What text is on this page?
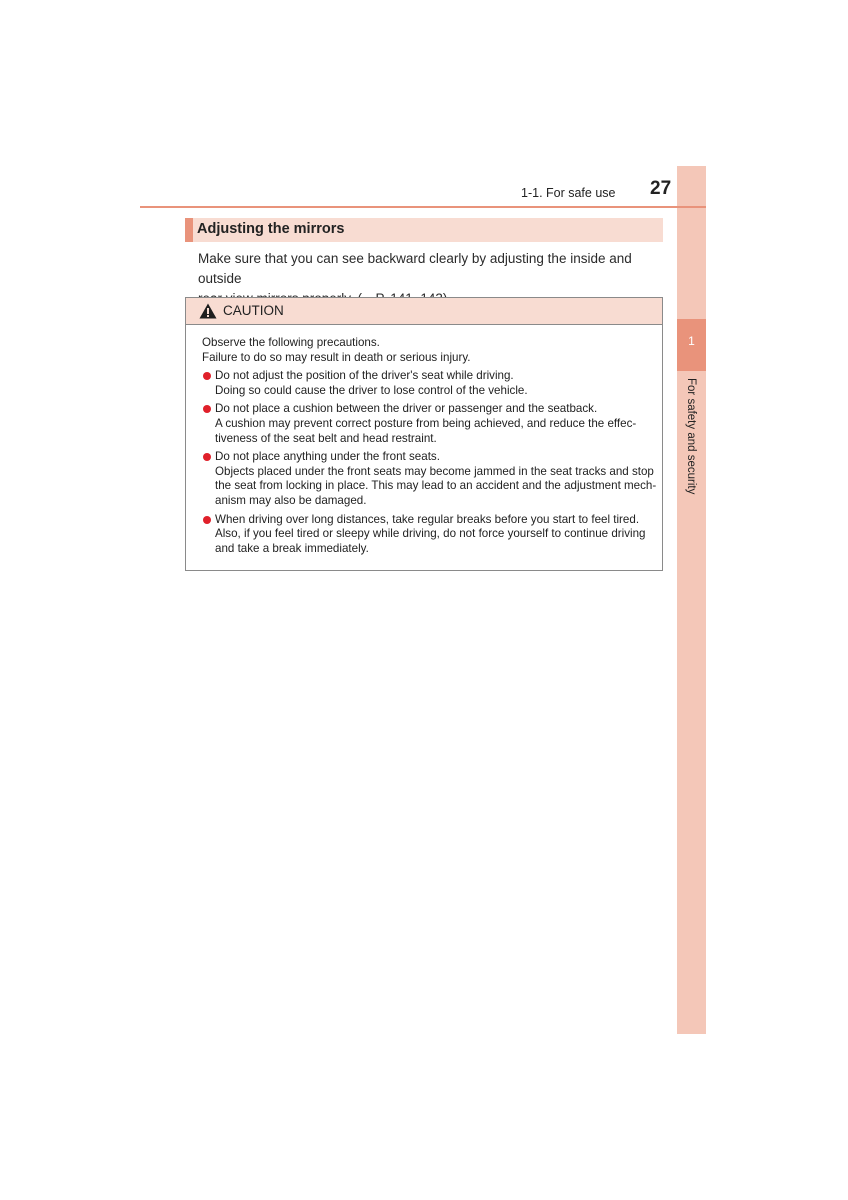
1
For safety and security
1-1. For safe use 27
Adjusting the mirrors
Make sure that you can see backward clearly by adjusting the inside and outside
CAUTION

Observe the following precautions.
Failure to do so may result in death or serious injury.

Do not adjust the position of the driver's seat while driving.
Doing so could cause the driver to lose control of the vehicle.
Do not place a cushion between the driver or passenger and the seatback.
A cushion may prevent correct posture from being achieved, and reduce the effec-
tiveness of the seat belt and head restraint.
Do not place anything under the front seats.
Objects placed under the front seats may become jammed in the seat tracks and stop
the seat from locking in place. This may lead to an accident and the adjustment mech-
anism may also be damaged.
When driving over long distances, take regular breaks before you start to feel tired.
Also, if you feel tired or sleepy while driving, do not force yourself to continue driving
and take a break immediately.
